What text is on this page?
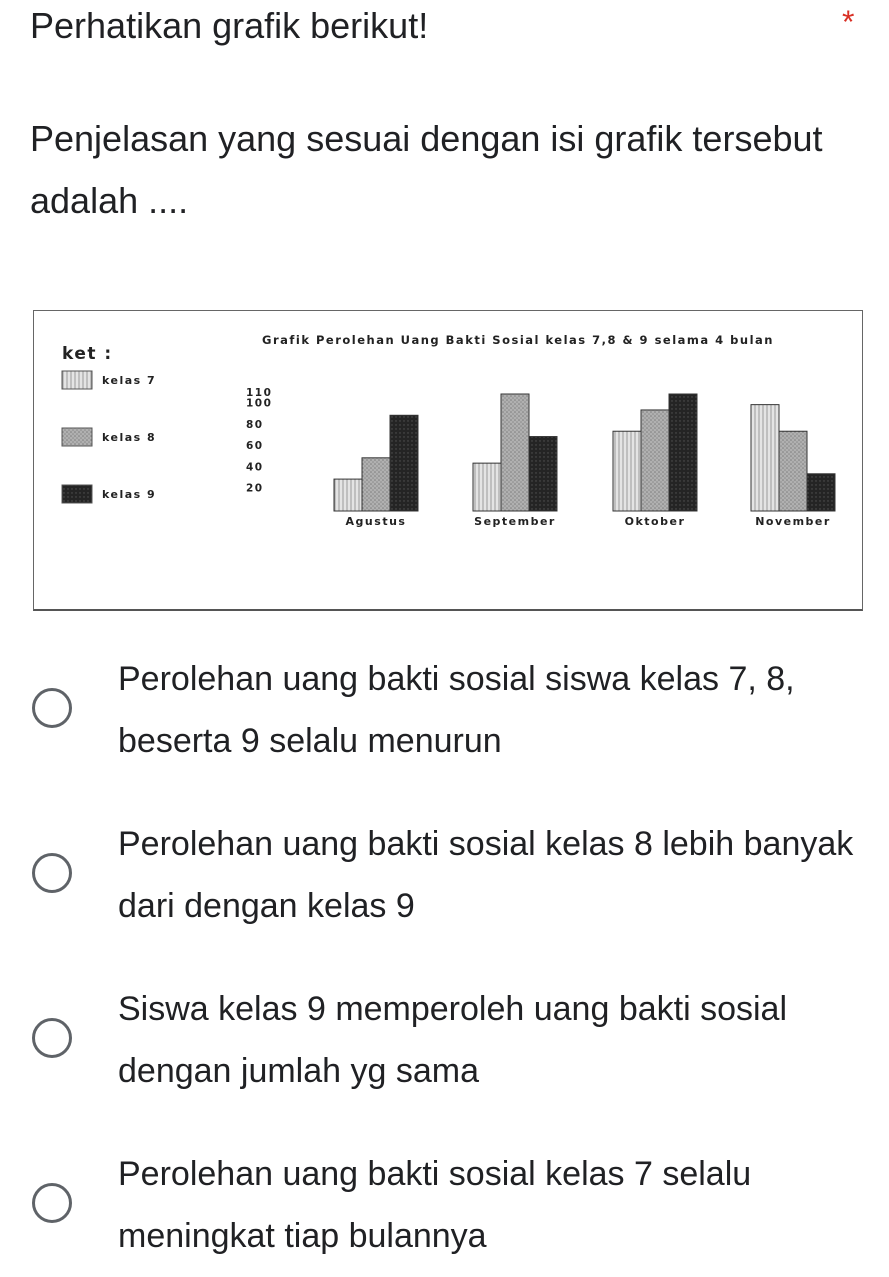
Perhatikan grafik berikut!	*
Penjelasan yang sesuai dengan isi grafik tersebut adalah ....
ket :
Grafik Perolehan Uang Bakti Sosial kelas 7,8 & 9 selama 4 bulan
kelas 7
kelas 8
kelas 9	20
40
60
80
100
110
Agustus	September	Oktober	November
Perolehan uang bakti sosial siswa kelas 7, 8, beserta 9 selalu menurun
Perolehan uang bakti sosial kelas 8 lebih banyak dari dengan kelas 9
Siswa kelas 9 memperoleh uang bakti sosial dengan jumlah yg sama
Perolehan uang bakti sosial kelas 7 selalu meningkat tiap bulannya
